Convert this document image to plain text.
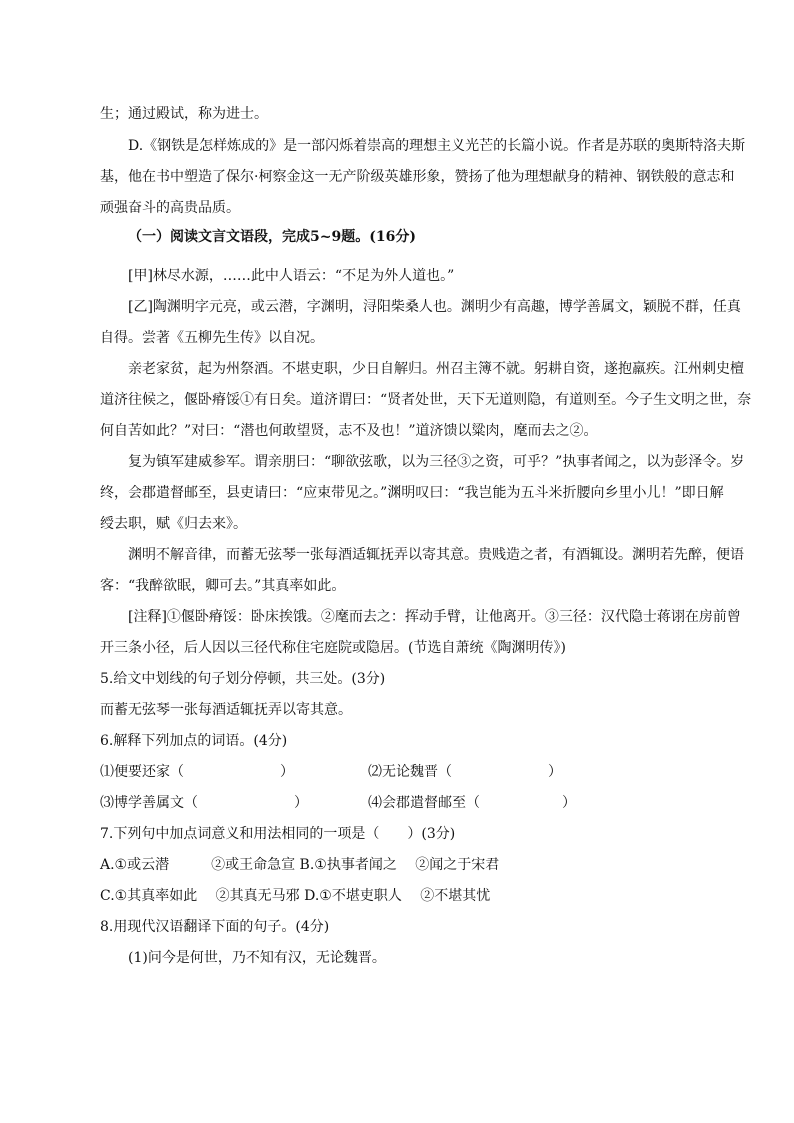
生；通过殿试，称为进士。
D.《钢铁是怎样炼成的》是一部闪烁着崇高的理想主义光芒的长篇小说。作者是苏联的奥斯特洛夫斯
基，他在书中塑造了保尔·柯察金这一无产阶级英雄形象，赞扬了他为理想献身的精神、钢铁般的意志和
顽强奋斗的高贵品质。
（一）阅读文言文语段，完成5~9题。(16分)
[甲]林尽水源，……此中人语云：“不足为外人道也。”
[乙]陶渊明字元亮，或云潜，字渊明，浔阳柴桑人也。渊明少有高趣，博学善属文，颖脱不群，任真
自得。尝著《五柳先生传》以自况。
亲老家贫，起为州祭酒。不堪吏职，少日自解归。州召主簿不就。躬耕自资，遂抱羸疾。江州刺史檀
道济往候之，偃卧瘠馁①有日矣。道济谓曰：“贤者处世，天下无道则隐，有道则至。今子生文明之世，奈
何自苦如此？”对曰：“潜也何敢望贤，志不及也！”道济馈以粱肉，麾而去之②。
复为镇军建威参军。谓亲朋曰：“聊欲弦歌，以为三径③之资，可乎？”执事者闻之，以为彭泽令。岁
终，会郡遣督邮至，县吏请曰：“应束带见之。”渊明叹曰：“我岂能为五斗米折腰向乡里小儿！”即日解
绶去职，赋《归去来》。
渊明不解音律，而蓄无弦琴一张每酒适辄抚弄以寄其意。贵贱造之者，有酒辄设。渊明若先醉，便语
客：“我醉欲眠，卿可去。”其真率如此。
[注释]①偃卧瘠馁：卧床挨饿。②麾而去之：挥动手臂，让他离开。③三径：汉代隐士蒋诩在房前曾
开三条小径，后人因以三径代称住宅庭院或隐居。(节选自萧统《陶渊明传》)
5.给文中划线的句子划分停顿，共三处。(3分)
而蓄无弦琴一张每酒适辄抚弄以寄其意。
6.解释下列加点的词语。(4分)
⑴便要还家（	）	⑵无论魏晋（	）
⑶博学善属文（	）	⑷会郡遣督邮至（	）
7.下列句中加点词意义和用法相同的一项是（　　）(3分)
A.①或云潜　　　②或王命急宣 B.①执事者闻之　 ②闻之于宋君
C.①其真率如此　 ②其真无马邪 D.①不堪吏职人　 ②不堪其忧
8.用现代汉语翻译下面的句子。(4分)
(1)问今是何世，乃不知有汉，无论魏晋。
